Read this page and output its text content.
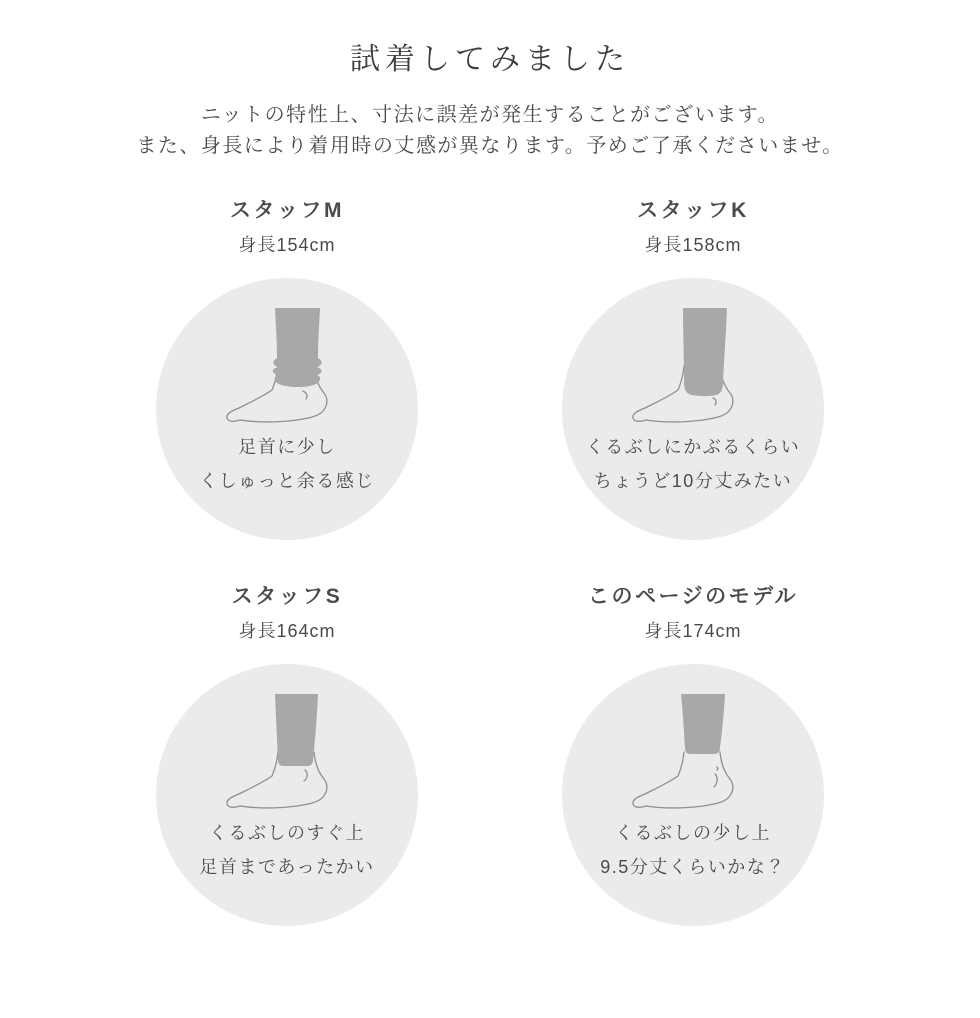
試着してみました

ニットの特性上、寸法に誤差が発生することがございます。
また、身長により着用時の丈感が異なります。予めご了承くださいませ。

スタッフM
身長154cm
足首に少し
くしゅっと余る感じ
スタッフK
身長158cm
くるぶしにかぶるくらい
ちょうど10分丈みたい
スタッフS
身長164cm
くるぶしのすぐ上
足首まであったかい
このページのモデル
身長174cm
くるぶしの少し上
9.5分丈くらいかな？
